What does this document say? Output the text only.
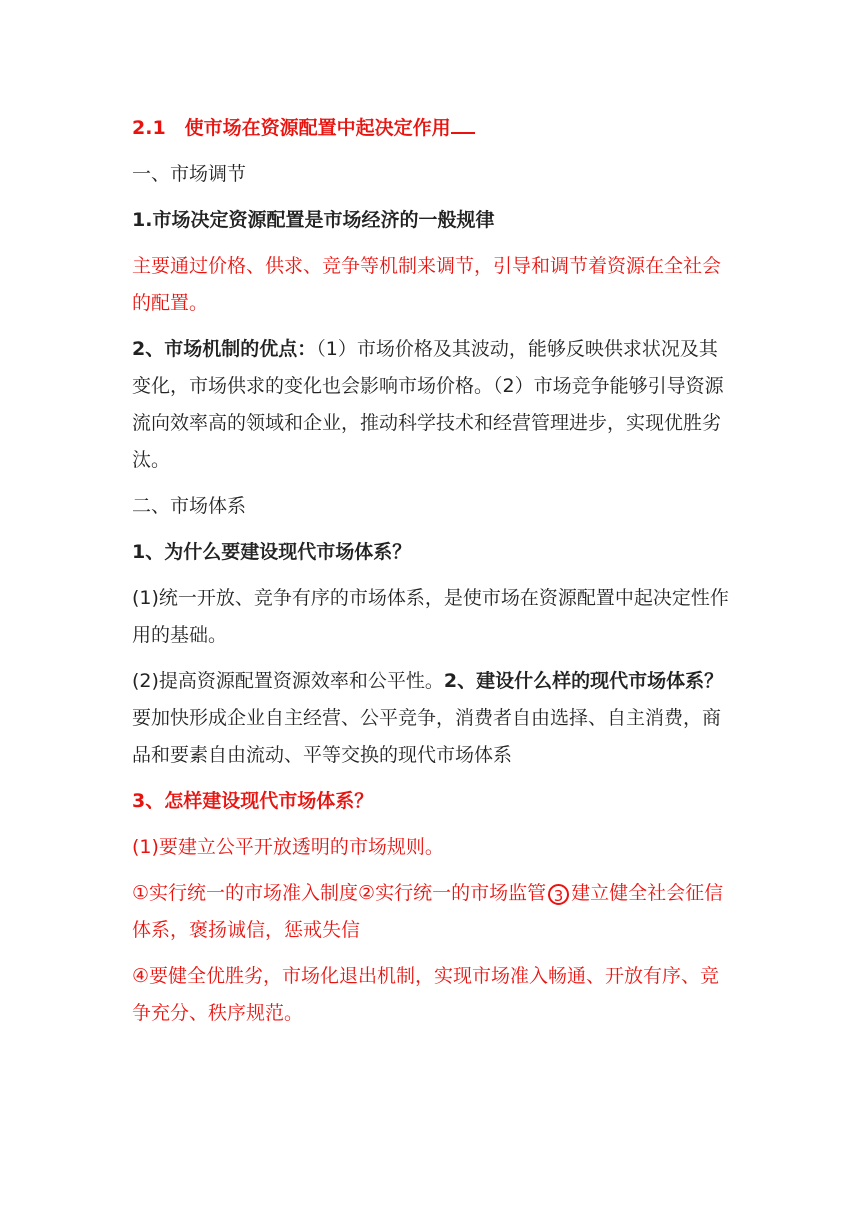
2.1　使市场在资源配置中起决定作用
一、市场调节
1.市场决定资源配置是市场经济的一般规律
主要通过价格、供求、竞争等机制来调节，引导和调节着资源在全社会的配置。
2、市场机制的优点：（1）市场价格及其波动，能够反映供求状况及其变化，市场供求的变化也会影响市场价格。（2）市场竞争能够引导资源流向效率高的领域和企业，推动科学技术和经营管理进步，实现优胜劣汰。
二、市场体系
1、为什么要建设现代市场体系？
(1)统一开放、竞争有序的市场体系，是使市场在资源配置中起决定性作用的基础。
(2)提高资源配置资源效率和公平性。2、建设什么样的现代市场体系？要加快形成企业自主经营、公平竞争，消费者自由选择、自主消费，商品和要素自由流动、平等交换的现代市场体系
3、怎样建设现代市场体系？
(1)要建立公平开放透明的市场规则。
①实行统一的市场准入制度②实行统一的市场监管 3 建立健全社会征信体系，褒扬诚信，惩戒失信
④要健全优胜劣，市场化退出机制，实现市场准入畅通、开放有序、竞争充分、秩序规范。
